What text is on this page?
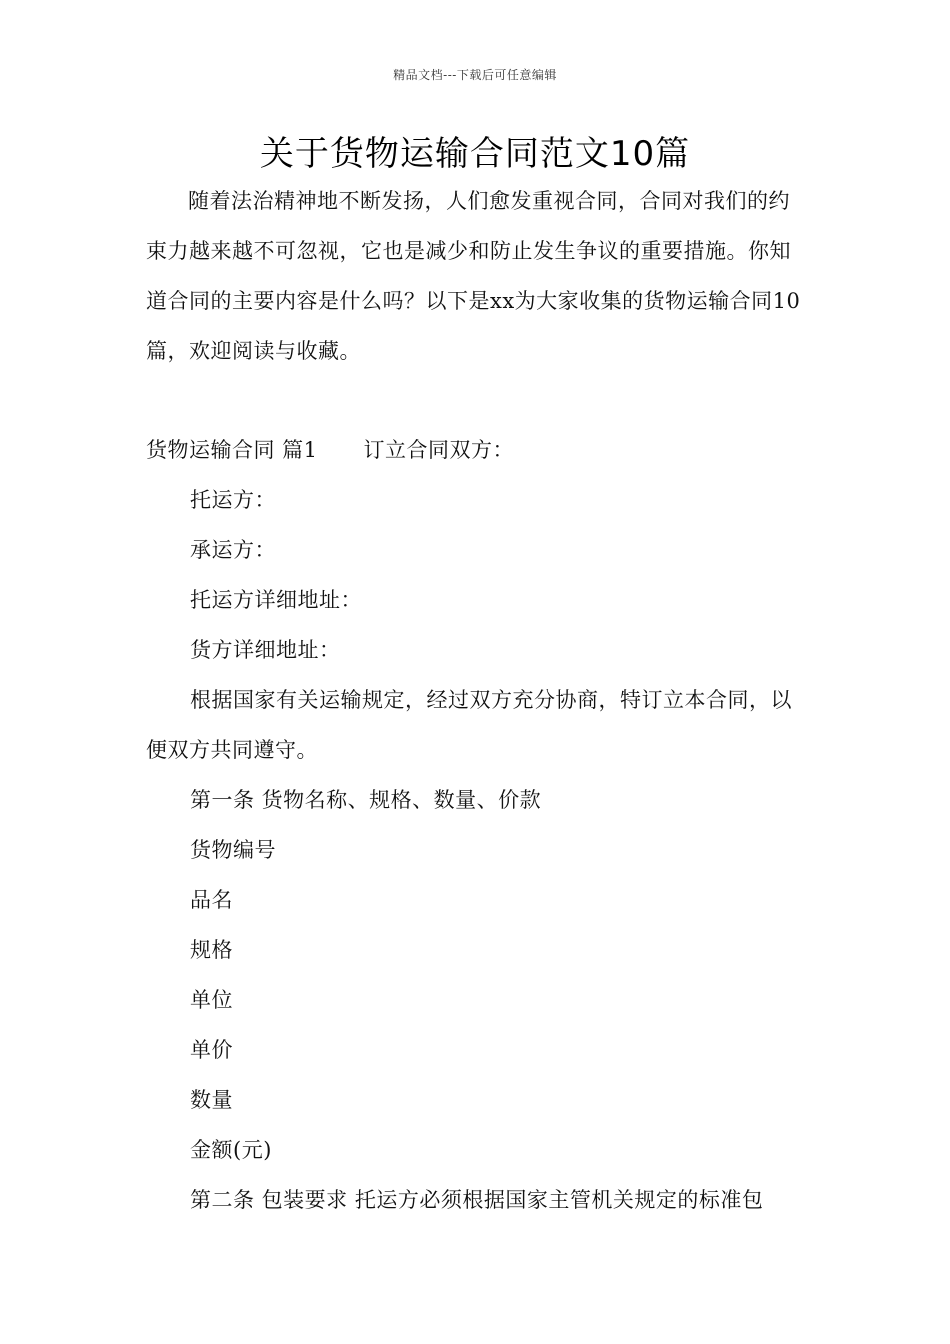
精品文档---下载后可任意编辑
关于货物运输合同范文10篇

随着法治精神地不断发扬，人们愈发重视合同，合同对我们的约束力越来越不可忽视，它也是减少和防止发生争议的重要措施。你知道合同的主要内容是什么吗？以下是xx为大家收集的货物运输合同10篇，欢迎阅读与收藏。

货物运输合同 篇1 订立合同双方：

托运方：

承运方：

托运方详细地址：

货方详细地址：

根据国家有关运输规定，经过双方充分协商，特订立本合同，以便双方共同遵守。

第一条 货物名称、规格、数量、价款

货物编号

品名

规格

单位

单价

数量

金额(元)

第二条 包装要求 托运方必须根据国家主管机关规定的标准包
